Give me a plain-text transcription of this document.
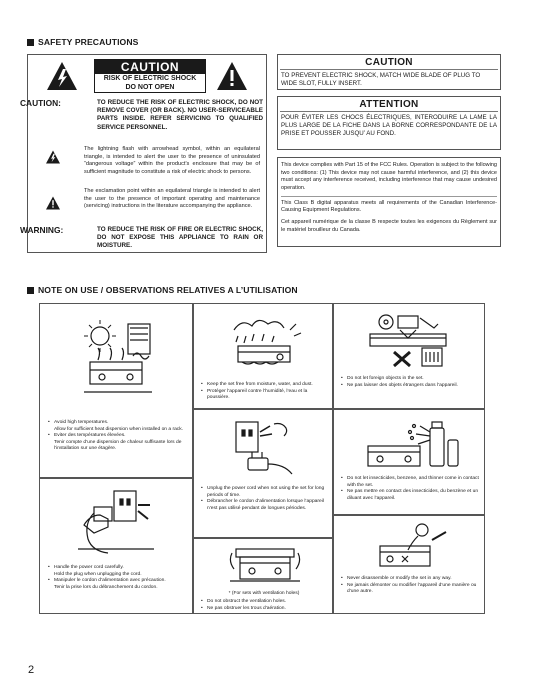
SAFETY PRECAUTIONS
CAUTION
RISK OF ELECTRIC SHOCK
DO NOT OPEN
CAUTION:	TO REDUCE THE RISK OF ELECTRIC SHOCK, DO NOT REMOVE COVER (OR BACK). NO USER-SERVICEABLE PARTS INSIDE. REFER SERVICING TO QUALIFIED SERVICE PERSONNEL.
The lightning flash with arrowhead symbol, within an equilateral triangle, is intended to alert the user to the presence of uninsulated “dangerous voltage” within the product’s enclosure that may be of sufficient magnitude to constitute a risk of electric shock to persons.
The exclamation point within an equilateral triangle is intended to alert the user to the presence of important operating and maintenance (servicing) instructions in the literature accompanying the appliance.
WARNING:	TO REDUCE THE RISK OF FIRE OR ELECTRIC SHOCK, DO NOT EXPOSE THIS APPLIANCE TO RAIN OR MOISTURE.
CAUTION
TO PREVENT ELECTRIC SHOCK, MATCH WIDE BLADE OF PLUG TO WIDE SLOT, FULLY INSERT.
ATTENTION
POUR ÉVITER LES CHOCS ÉLECTRIQUES, INTERODUIRE LA LAME LA PLUS LARGE DE LA FICHE DANS LA BORNE CORRESPONDANTE DE LA PRISE ET POUSSER JUSQU’ AU FOND.
This device complies with Part 15 of the FCC Rules. Operation is subject to the following two conditions: (1) This device may not cause harmful interference, and (2) this device must accept any interference received, including interference that may cause undesired operation.
This Class B digital apparatus meets all requirements of the Canadian Interference-Causing Equipment Regulations.
Cet appareil numérique de la classe B respecte toutes les exigences du Règlement sur le matériel brouilleur du Canada.
NOTE ON USE / OBSERVATIONS RELATIVES A L’UTILISATION
• Avoid high temperatures.
Allow for sufficient heat dispersion when installed on a rack.
• Eviter des températures élevées.
Tenir compte d’une dispersion de chaleur suffisante lors de l’installation sur une étagère.
• Keep the set free from moisture, water, and dust.
• Protéger l’appareil contre l’humidité, l’eau et la poussière.
• Do not let foreign objects in the set.
• Ne pas laisser des objets étrangers dans l’appareil.
• Handle the power cord carefully.
Hold the plug when unplugging the cord.
• Manipuler le cordon d’alimentation avec précaution.
Tenir la prise lors du débranchement du cordon.
• Unplug the power cord when not using the set for long periods of time.
• Débrancher le cordon d’alimentation lorsque l’appareil n’est pas utilisé pendant de longues périodes.
• Do not let insecticides, benzene, and thinner come in contact with the set.
• Ne pas mettre en contact des insecticides, du benzène et un diluant avec l’appareil.
* (For sets with ventilation holes)
• Do not obstruct the ventilation holes.
• Ne pas obstruer les trous d’aération.
• Never disassemble or modify the set in any way.
• Ne jamais démonter ou modifier l’appareil d’une manière ou d’une autre.
2
